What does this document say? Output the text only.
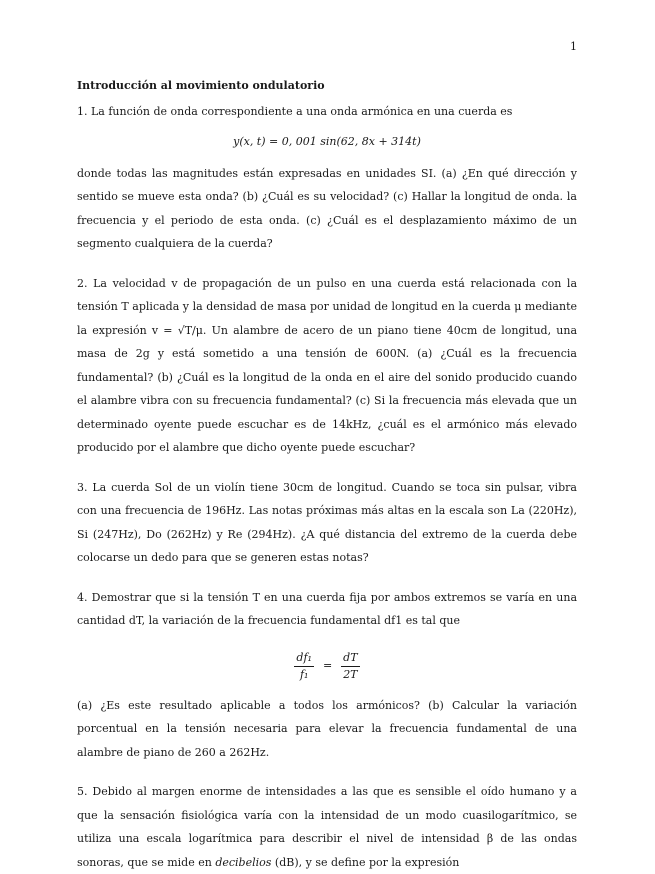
1
Introducción al movimiento ondulatorio

1. La función de onda correspondiente a una onda armónica en una cuerda es

y(x, t) = 0, 001 sin(62, 8x + 314t)

donde todas las magnitudes están expresadas en unidades SI. (a) ¿En qué dirección y sentido se mueve esta onda? (b) ¿Cuál es su velocidad? (c) Hallar la longitud de onda. la frecuencia y el periodo de esta onda. (c) ¿Cuál es el desplazamiento máximo de un segmento cualquiera de la cuerda?

2. La velocidad v de propagación de un pulso en una cuerda está relacionada con la tensión T aplicada y la densidad de masa por unidad de longitud en la cuerda μ mediante la expresión v = √T/μ. Un alambre de acero de un piano tiene 40cm de longitud, una masa de 2g y está sometido a una tensión de 600N. (a) ¿Cuál es la frecuencia fundamental? (b) ¿Cuál es la longitud de la onda en el aire del sonido producido cuando el alambre vibra con su frecuencia fundamental? (c) Si la frecuencia más elevada que un determinado oyente puede escuchar es de 14kHz, ¿cuál es el armónico más elevado producido por el alambre que dicho oyente puede escuchar?

3. La cuerda Sol de un violín tiene 30cm de longitud. Cuando se toca sin pulsar, vibra con una frecuencia de 196Hz. Las notas próximas más altas en la escala son La (220Hz), Si (247Hz), Do (262Hz) y Re (294Hz). ¿A qué distancia del extremo de la cuerda debe colocarse un dedo para que se generen estas notas?

4. Demostrar que si la tensión T en una cuerda fija por ambos extremos se varía en una cantidad dT, la variación de la frecuencia fundamental df1 es tal que

$\frac{\text{df₁}}{\text{f₁}} = \frac{dT}{2T}$

(a) ¿Es este resultado aplicable a todos los armónicos? (b) Calcular la variación porcentual en la tensión necesaria para elevar la frecuencia fundamental de una alambre de piano de 260 a 262Hz.

5. Debido al margen enorme de intensidades a las que es sensible el oído humano y a que la sensación fisiológica varía con la intensidad de un modo cuasilogarítmico, se utiliza una escala logarítmica para describir el nivel de intensidad β de las ondas sonoras, que se mide en decibelios (dB), y se define por la expresión
